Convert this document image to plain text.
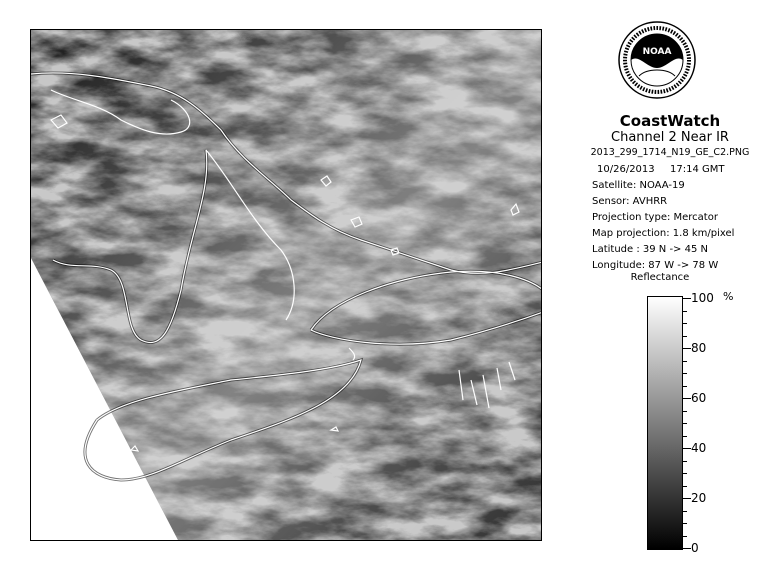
NOAA
CoastWatch
Channel 2 Near IR
2013_299_1714_N19_GE_C2.PNG
10/26/2013 17:14 GMT
Satellite: NOAA-19
Sensor: AVHRR
Projection type: Mercator
Map projection: 1.8 km/pixel
Latitude : 39 N -> 45 N
Longitude: 87 W -> 78 W
Reflectance
%
0
20
40
60
80
100
